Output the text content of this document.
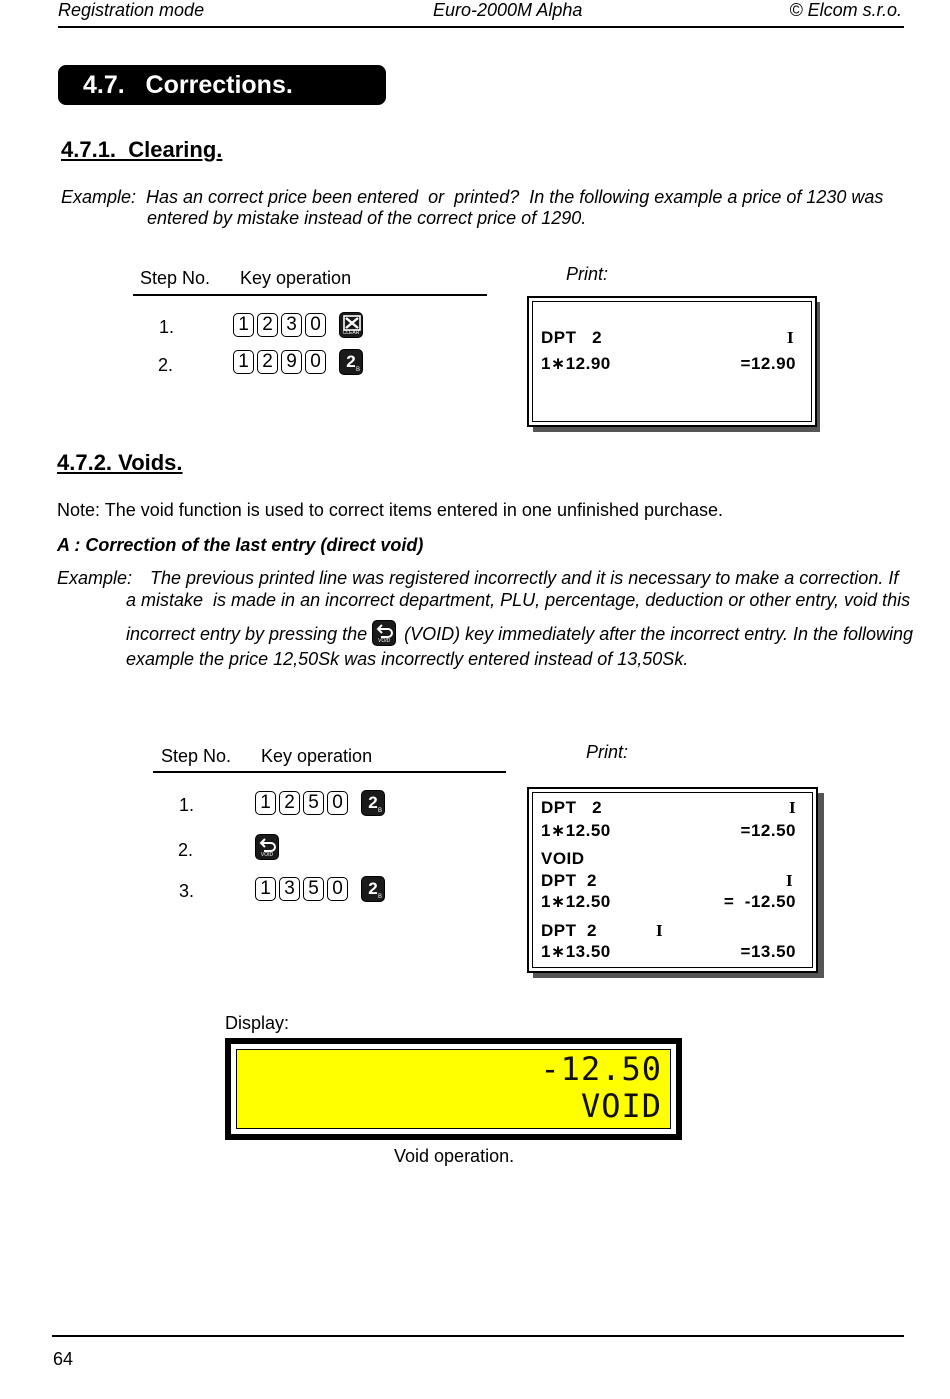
Registration mode	Euro-2000M Alpha	© Elcom s.r.o.
4.7. Corrections.
4.7.1.  Clearing.
Example: Has an correct price been entered  or  printed?  In the following example a price of 1230 was
entered by mistake instead of the correct price of 1290.
Step No. Key operation	Print:
1.	1 2 3 0	CLEAR
2.	1 2 9 0	2 B
DPT   2	I
1∗12.90	=12.90
4.7.2. Voids.
Note: The void function is used to correct items entered in one unfinished purchase.
A : Correction of the last entry (direct void)
Example: The previous printed line was registered incorrectly and it is necessary to make a correction. If
a mistake  is made in an incorrect department, PLU, percentage, deduction or other entry, void this
incorrect entry by pressing the	VOID (VOID) key immediately after the incorrect entry. In the following
example the price 12,50Sk was incorrectly entered instead of 13,50Sk.
Step No. Key operation	Print:
1.	1 2 5 0	2 B
2.	VOID
3.	1 3 5 0	2 B
DPT   2	I
1∗12.50	=12.50
VOID
DPT  2	I
1∗12.50	=  -12.50
DPT  2	I
1∗13.50	=13.50
Display:
-12.50
VOID
Void operation.
64
